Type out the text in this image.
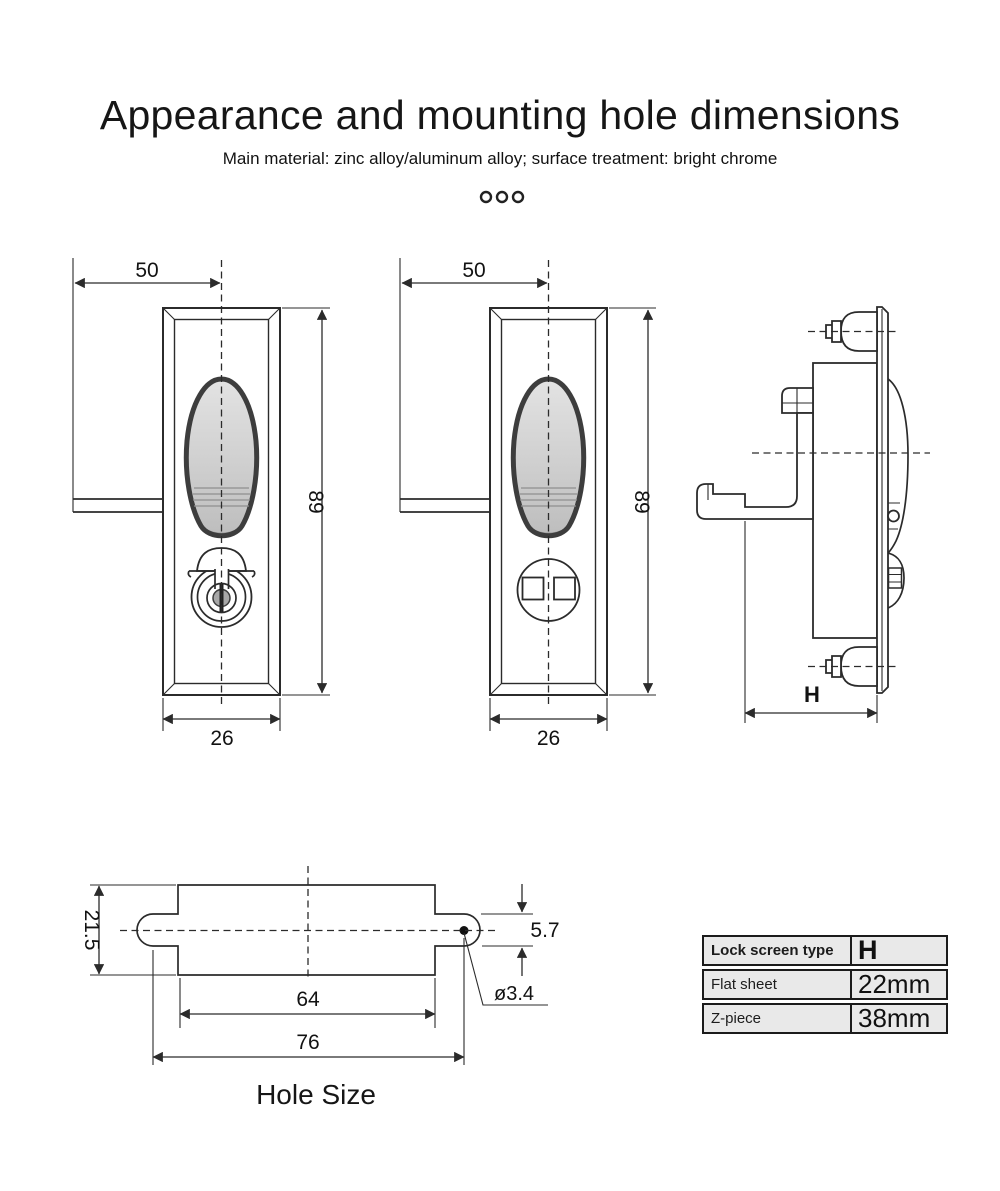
Appearance and mounting hole dimensions
Main material: zinc alloy/aluminum alloy; surface treatment: bright chrome
50
89
26
50
89
26
H
21.5	5.7
64
76
ø3.4
Hole Size
Lock screen type H
Flat sheet	22mm
Z-piece	38mm
